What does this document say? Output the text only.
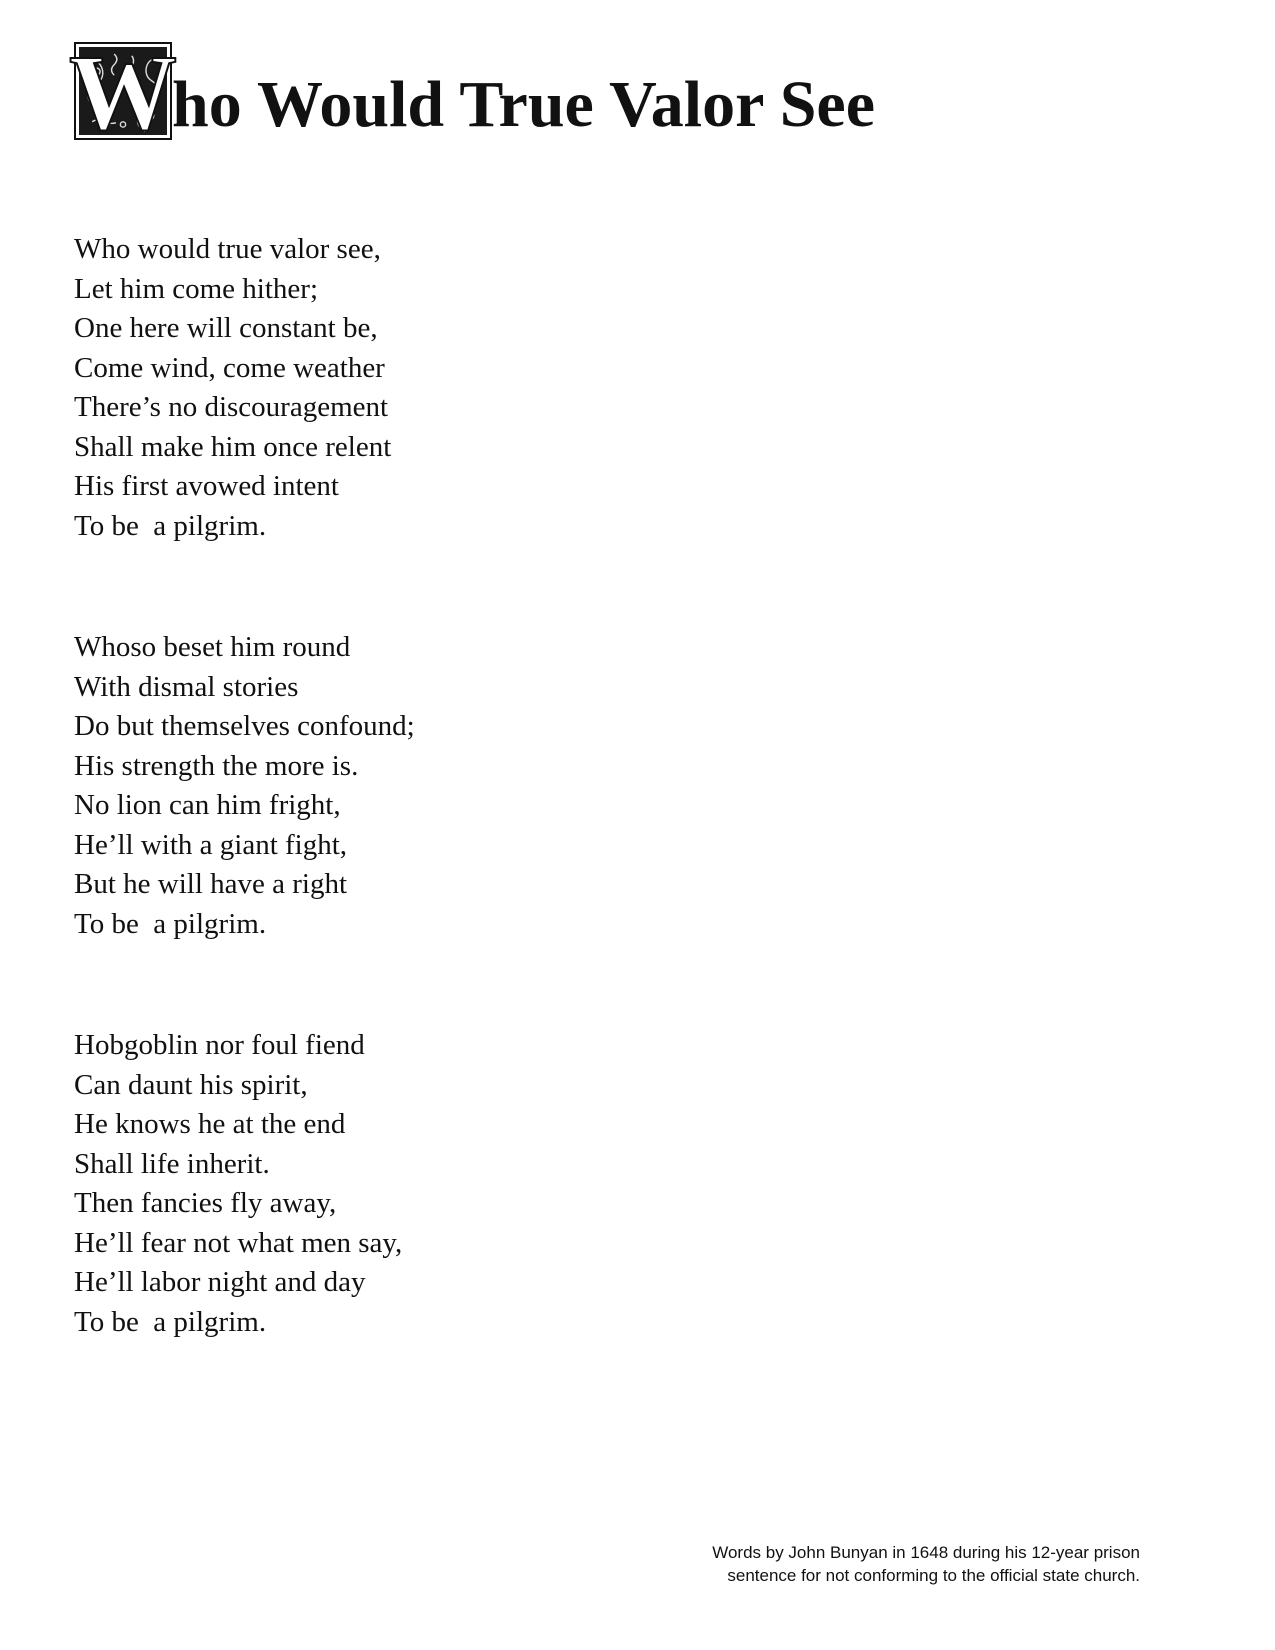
W
ho Would True Valor See
Who would true valor see,
Let him come hither;
One here will constant be,
Come wind, come weather
There’s no discouragement
Shall make him once relent
His first avowed intent
To be  a pilgrim.
Whoso beset him round
With dismal stories
Do but themselves confound;
His strength the more is.
No lion can him fright,
He’ll with a giant fight,
But he will have a right
To be  a pilgrim.
Hobgoblin nor foul fiend
Can daunt his spirit,
He knows he at the end
Shall life inherit.
Then fancies fly away,
He’ll fear not what men say,
He’ll labor night and day
To be  a pilgrim.
Words by John Bunyan in 1648 during his 12-year prison
sentence for not conforming to the official state church.
